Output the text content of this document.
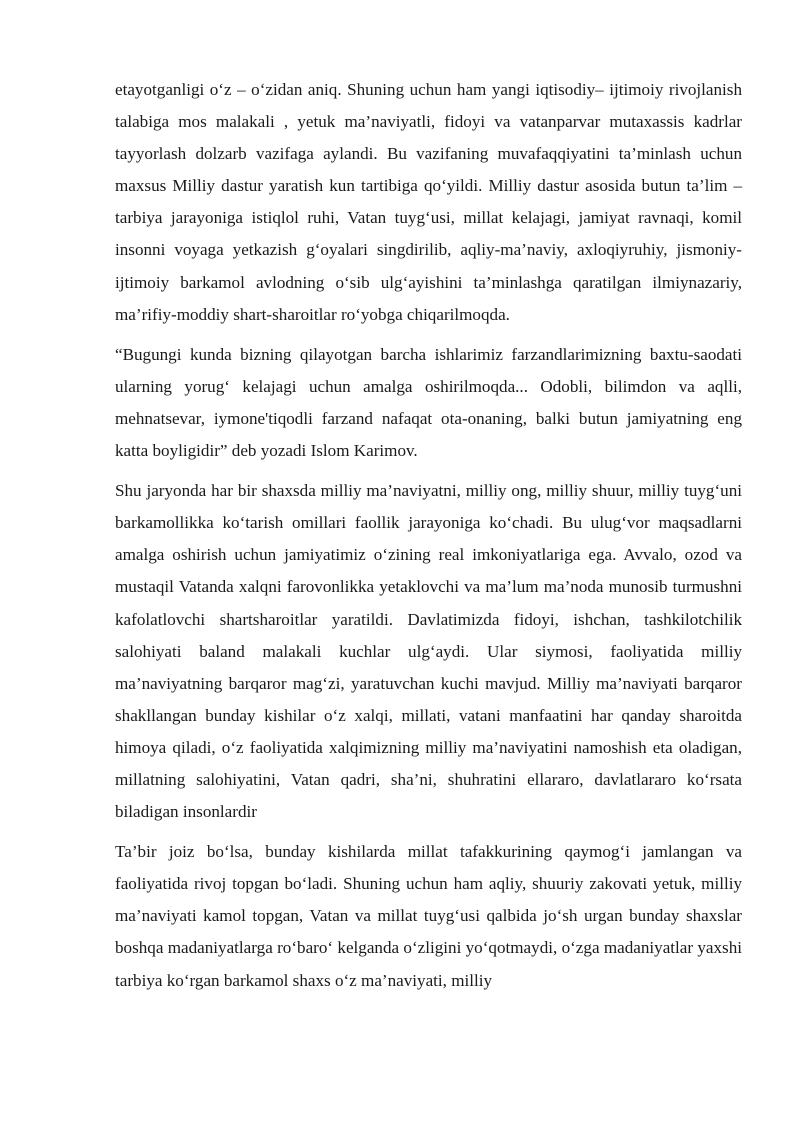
etayotganligi o‘z – o‘zidan aniq. Shuning uchun ham yangi iqtisodiy– ijtimoiy rivojlanish talabiga mos malakali , yetuk ma’naviyatli, fidoyi va vatanparvar mutaxassis kadrlar tayyorlash dolzarb vazifaga aylandi. Bu vazifaning muvafaqqiyatini ta’minlash uchun maxsus Milliy dastur yaratish kun tartibiga qo‘yildi. Milliy dastur asosida butun ta’lim – tarbiya jarayoniga istiqlol ruhi, Vatan tuyg‘usi, millat kelajagi, jamiyat ravnaqi, komil insonni voyaga yetkazish g‘oyalari singdirilib, aqliy-ma’naviy, axloqiyruhiy, jismoniy- ijtimoiy barkamol avlodning o‘sib ulg‘ayishini ta’minlashga qaratilgan ilmiynazariy, ma’rifiy-moddiy shart-sharoitlar ro‘yobga chiqarilmoqda.

“Bugungi kunda bizning qilayotgan barcha ishlarimiz farzandlarimizning baxtu-saodati ularning yorug‘ kelajagi uchun amalga oshirilmoqda... Odobli, bilimdon va aqlli, mehnatsevar, iymone'tiqodli farzand nafaqat ota-onaning, balki butun jamiyatning eng katta boyligidir” deb yozadi Islom Karimov.

Shu jaryonda har bir shaxsda milliy ma’naviyatni, milliy ong, milliy shuur, milliy tuyg‘uni barkamollikka ko‘tarish omillari faollik jarayoniga ko‘chadi. Bu ulug‘vor maqsadlarni amalga oshirish uchun jamiyatimiz o‘zining real imkoniyatlariga ega. Avvalo, ozod va mustaqil Vatanda xalqni farovonlikka yetaklovchi va ma’lum ma’noda munosib turmushni kafolatlovchi shartsharoitlar yaratildi. Davlatimizda fidoyi, ishchan, tashkilotchilik salohiyati baland malakali kuchlar ulg‘aydi. Ular siymosi, faoliyatida milliy ma’naviyatning barqaror mag‘zi, yaratuvchan kuchi mavjud. Milliy ma’naviyati barqaror shakllangan bunday kishilar o‘z xalqi, millati, vatani manfaatini har qanday sharoitda himoya qiladi, o‘z faoliyatida xalqimizning milliy ma’naviyatini namoshish eta oladigan, millatning salohiyatini, Vatan qadri, sha’ni, shuhratini ellararo, davlatlararo ko‘rsata biladigan insonlardir

Ta’bir joiz bo‘lsa, bunday kishilarda millat tafakkurining qaymog‘i jamlangan va faoliyatida rivoj topgan bo‘ladi. Shuning uchun ham aqliy, shuuriy zakovati yetuk, milliy ma’naviyati kamol topgan, Vatan va millat tuyg‘usi qalbida jo‘sh urgan bunday shaxslar boshqa madaniyatlarga ro‘baro‘ kelganda o‘zligini yo‘qotmaydi, o‘zga madaniyatlar yaxshi tarbiya ko‘rgan barkamol shaxs o‘z ma’naviyati, milliy
